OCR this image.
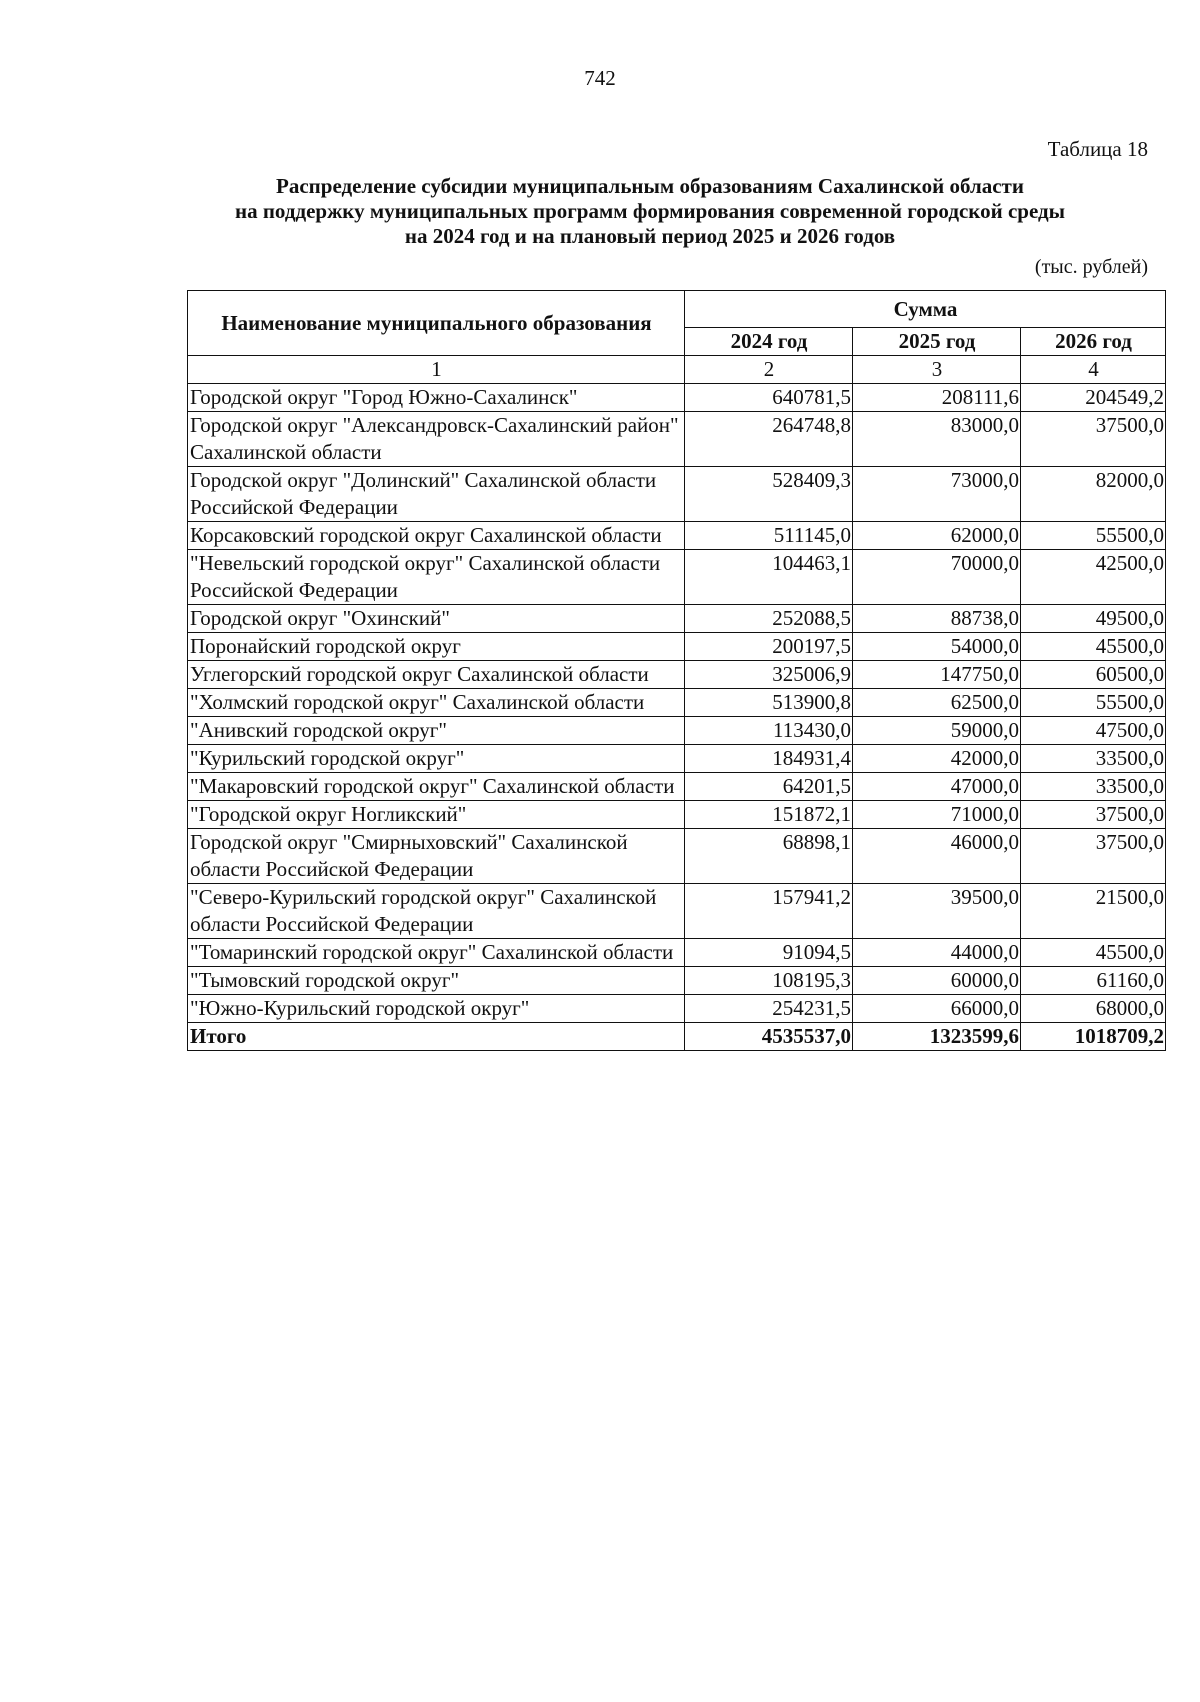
742
Таблица 18
Распределение субсидии муниципальным образованиям Сахалинской области
на поддержку муниципальных программ формирования современной городской среды
на 2024 год и на плановый период 2025 и 2026 годов
(тыс. рублей)
Наименование муниципального образования	Сумма		
	2024 год	2025 год	2026 год
1	2	3	4
Городской округ "Город Южно-Сахалинск"	640781,5	208111,6	204549,2
Городской округ "Александровск-Сахалинский район" Сахалинской области	264748,8	83000,0	37500,0
Городской округ "Долинский" Сахалинской области Российской Федерации	528409,3	73000,0	82000,0
Корсаковский городской округ Сахалинской области	511145,0	62000,0	55500,0
"Невельский городской округ" Сахалинской области Российской Федерации	104463,1	70000,0	42500,0
Городской округ "Охинский"	252088,5	88738,0	49500,0
Поронайский городской округ	200197,5	54000,0	45500,0
Углегорский городской округ Сахалинской области	325006,9	147750,0	60500,0
"Холмский городской округ" Сахалинской области	513900,8	62500,0	55500,0
"Анивский городской округ"	113430,0	59000,0	47500,0
"Курильский городской округ"	184931,4	42000,0	33500,0
"Макаровский городской округ" Сахалинской области	64201,5	47000,0	33500,0
"Городской округ Ногликский"	151872,1	71000,0	37500,0
Городской округ "Смирныховский" Сахалинской области Российской Федерации	68898,1	46000,0	37500,0
"Северо-Курильский городской округ" Сахалинской области Российской Федерации	157941,2	39500,0	21500,0
"Томаринский городской округ" Сахалинской области	91094,5	44000,0	45500,0
"Тымовский городской округ"	108195,3	60000,0	61160,0
"Южно-Курильский городской округ"	254231,5	66000,0	68000,0
Итого	4535537,0	1323599,6	1018709,2
